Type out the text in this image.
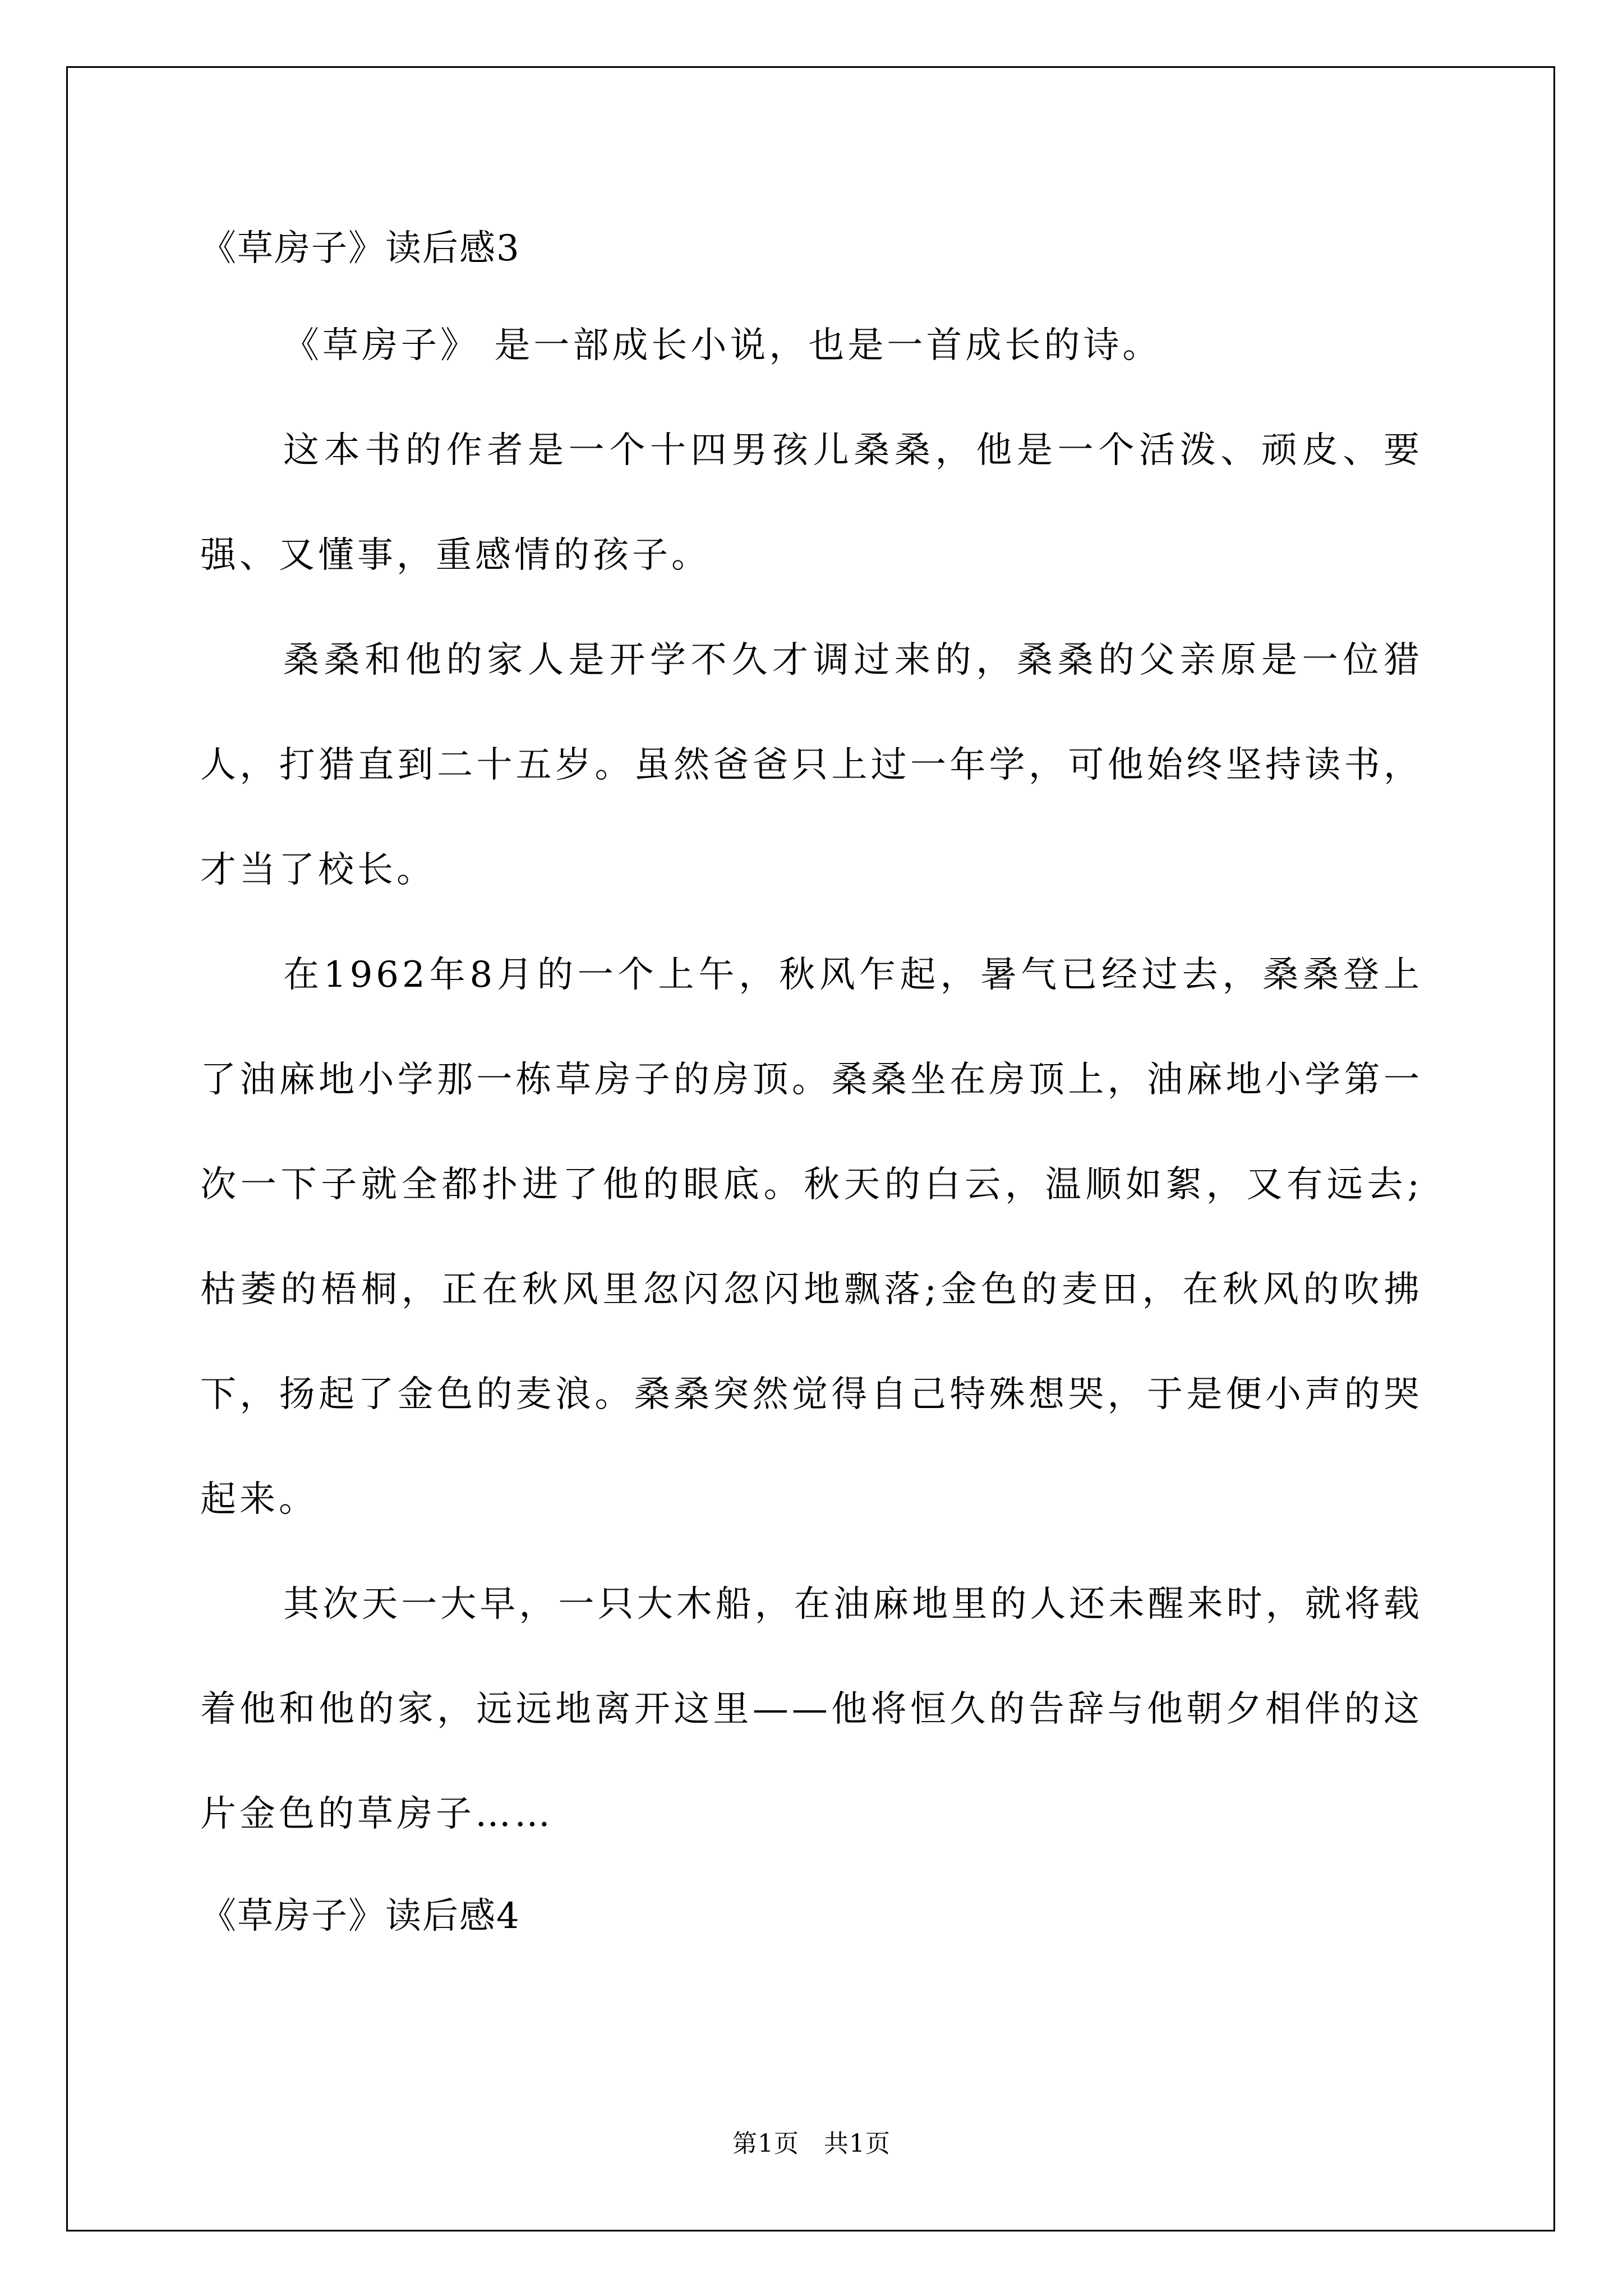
《草房子》读后感3

《草房子》 是一部成长小说，也是一首成长的诗。

这本书的作者是一个十四男孩儿桑桑，他是一个活泼、顽皮、要强、又懂事，重感情的孩子。

桑桑和他的家人是开学不久才调过来的，桑桑的父亲原是一位猎人，打猎直到二十五岁。虽然爸爸只上过一年学，可他始终坚持读书，才当了校长。

在1962年8月的一个上午，秋风乍起，暑气已经过去，桑桑登上了油麻地小学那一栋草房子的房顶。桑桑坐在房顶上，油麻地小学第一次一下子就全都扑进了他的眼底。秋天的白云，温顺如絮，又有远去;枯萎的梧桐，正在秋风里忽闪忽闪地飘落;金色的麦田，在秋风的吹拂下，扬起了金色的麦浪。桑桑突然觉得自己特殊想哭，于是便小声的哭起来。

其次天一大早，一只大木船，在油麻地里的人还未醒来时，就将载着他和他的家，远远地离开这里——他将恒久的告辞与他朝夕相伴的这片金色的草房子……

《草房子》读后感4
第1页 共1页
